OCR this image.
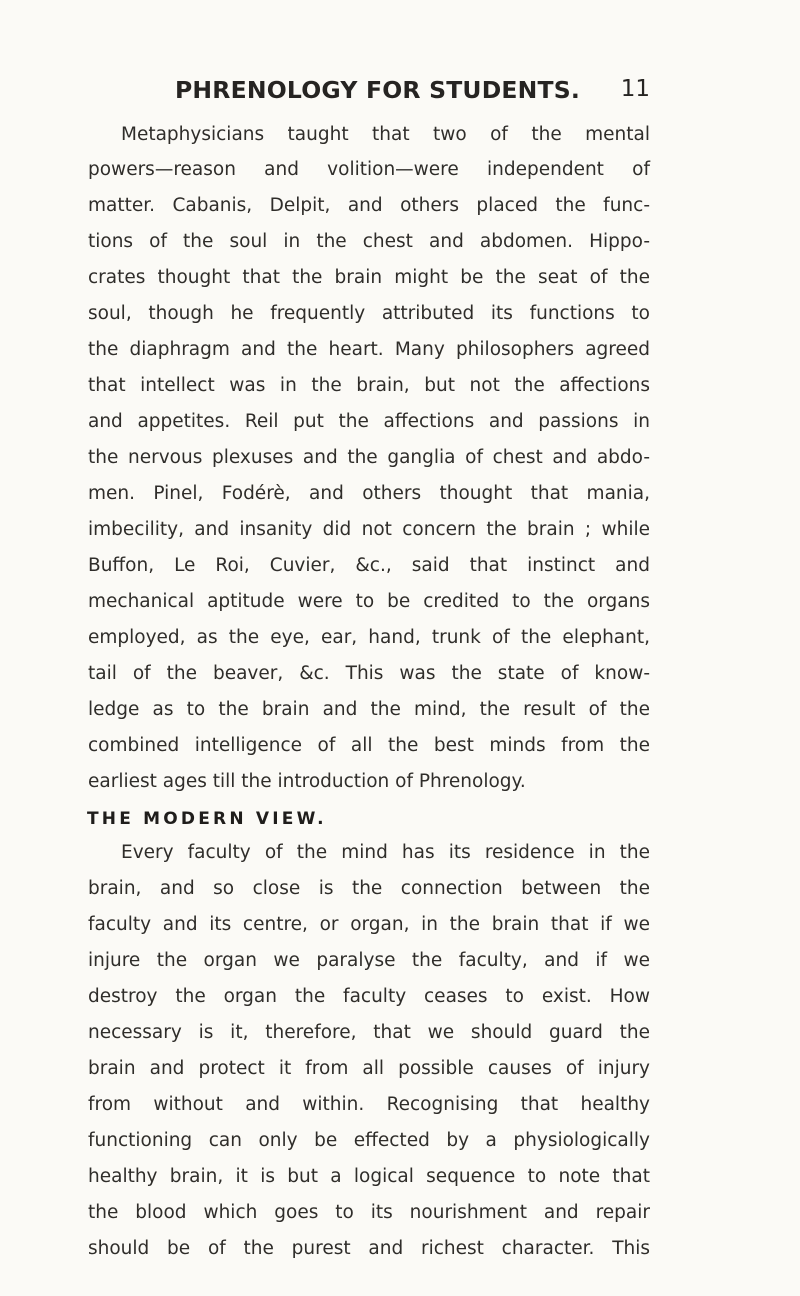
PHRENOLOGY FOR STUDENTS. 11
Metaphysicians taught that two of the mental
powers—reason and volition—were independent of
matter. Cabanis, Delpit, and others placed the func-
tions of the soul in the chest and abdomen. Hippo-
crates thought that the brain might be the seat of the
soul, though he frequently attributed its functions to
the diaphragm and the heart. Many philosophers agreed
that intellect was in the brain, but not the affections
and appetites. Reil put the affections and passions in
the nervous plexuses and the ganglia of chest and abdo-
men. Pinel, Fodérè, and others thought that mania,
imbecility, and insanity did not concern the brain ; while
Buffon, Le Roi, Cuvier, &c., said that instinct and
mechanical aptitude were to be credited to the organs
employed, as the eye, ear, hand, trunk of the elephant,
tail of the beaver, &c. This was the state of know-
ledge as to the brain and the mind, the result of the
combined intelligence of all the best minds from the
earliest ages till the introduction of Phrenology.
THE MODERN VIEW.
Every faculty of the mind has its residence in the
brain, and so close is the connection between the
faculty and its centre, or organ, in the brain that if we
injure the organ we paralyse the faculty, and if we
destroy the organ the faculty ceases to exist. How
necessary is it, therefore, that we should guard the
brain and protect it from all possible causes of injury
from without and within. Recognising that healthy
functioning can only be effected by a physiologically
healthy brain, it is but a logical sequence to note that
the blood which goes to its nourishment and repair
should be of the purest and richest character. This
